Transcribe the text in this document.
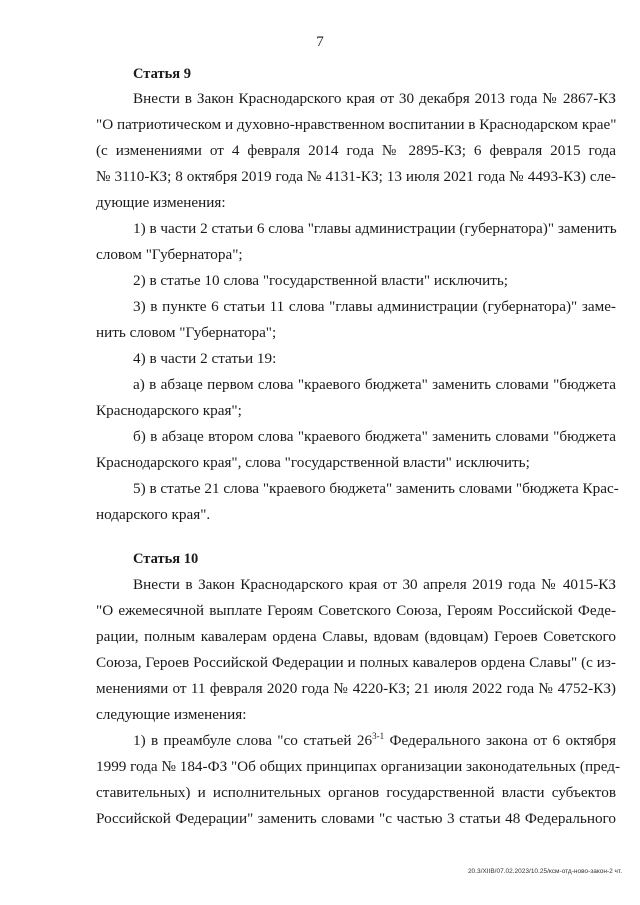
7
Статья 9
Внести в Закон Краснодарского края от 30 декабря 2013 года № 2867-КЗ
"О патриотическом и духовно-нравственном воспитании в Краснодарском крае"
(с изменениями от 4 февраля 2014 года № 2895-КЗ; 6 февраля 2015 года
№ 3110-КЗ; 8 октября 2019 года № 4131-КЗ; 13 июля 2021 года № 4493-КЗ) сле-
дующие изменения:
1) в части 2 статьи 6 слова "главы администрации (губернатора)" заменить
словом "Губернатора";
2) в статье 10 слова "государственной власти" исключить;
3) в пункте 6 статьи 11 слова "главы администрации (губернатора)" заме-
нить словом "Губернатора";
4) в части 2 статьи 19:
а) в абзаце первом слова "краевого бюджета" заменить словами "бюджета
Краснодарского края";
б) в абзаце втором слова "краевого бюджета" заменить словами "бюджета
Краснодарского края", слова "государственной власти" исключить;
5) в статье 21 слова "краевого бюджета" заменить словами "бюджета Крас-
нодарского края".
Статья 10
Внести в Закон Краснодарского края от 30 апреля 2019 года № 4015-КЗ
"О ежемесячной выплате Героям Советского Союза, Героям Российской Феде-
рации, полным кавалерам ордена Славы, вдовам (вдовцам) Героев Советского
Союза, Героев Российской Федерации и полных кавалеров ордена Славы" (с из-
менениями от 11 февраля 2020 года № 4220-КЗ; 21 июля 2022 года № 4752-КЗ)
следующие изменения:
1) в преамбуле слова "со статьей 26$^{3-1}$ Федерального закона от 6 октября
1999 года № 184-ФЗ "Об общих принципах организации законодательных (пред-
ставительных) и исполнительных органов государственной власти субъектов
Российской Федерации" заменить словами "с частью 3 статьи 48 Федерального
20.3/XIIB/07.02.2023/10.25/ксм-отд-ново-закон-2 чт.
